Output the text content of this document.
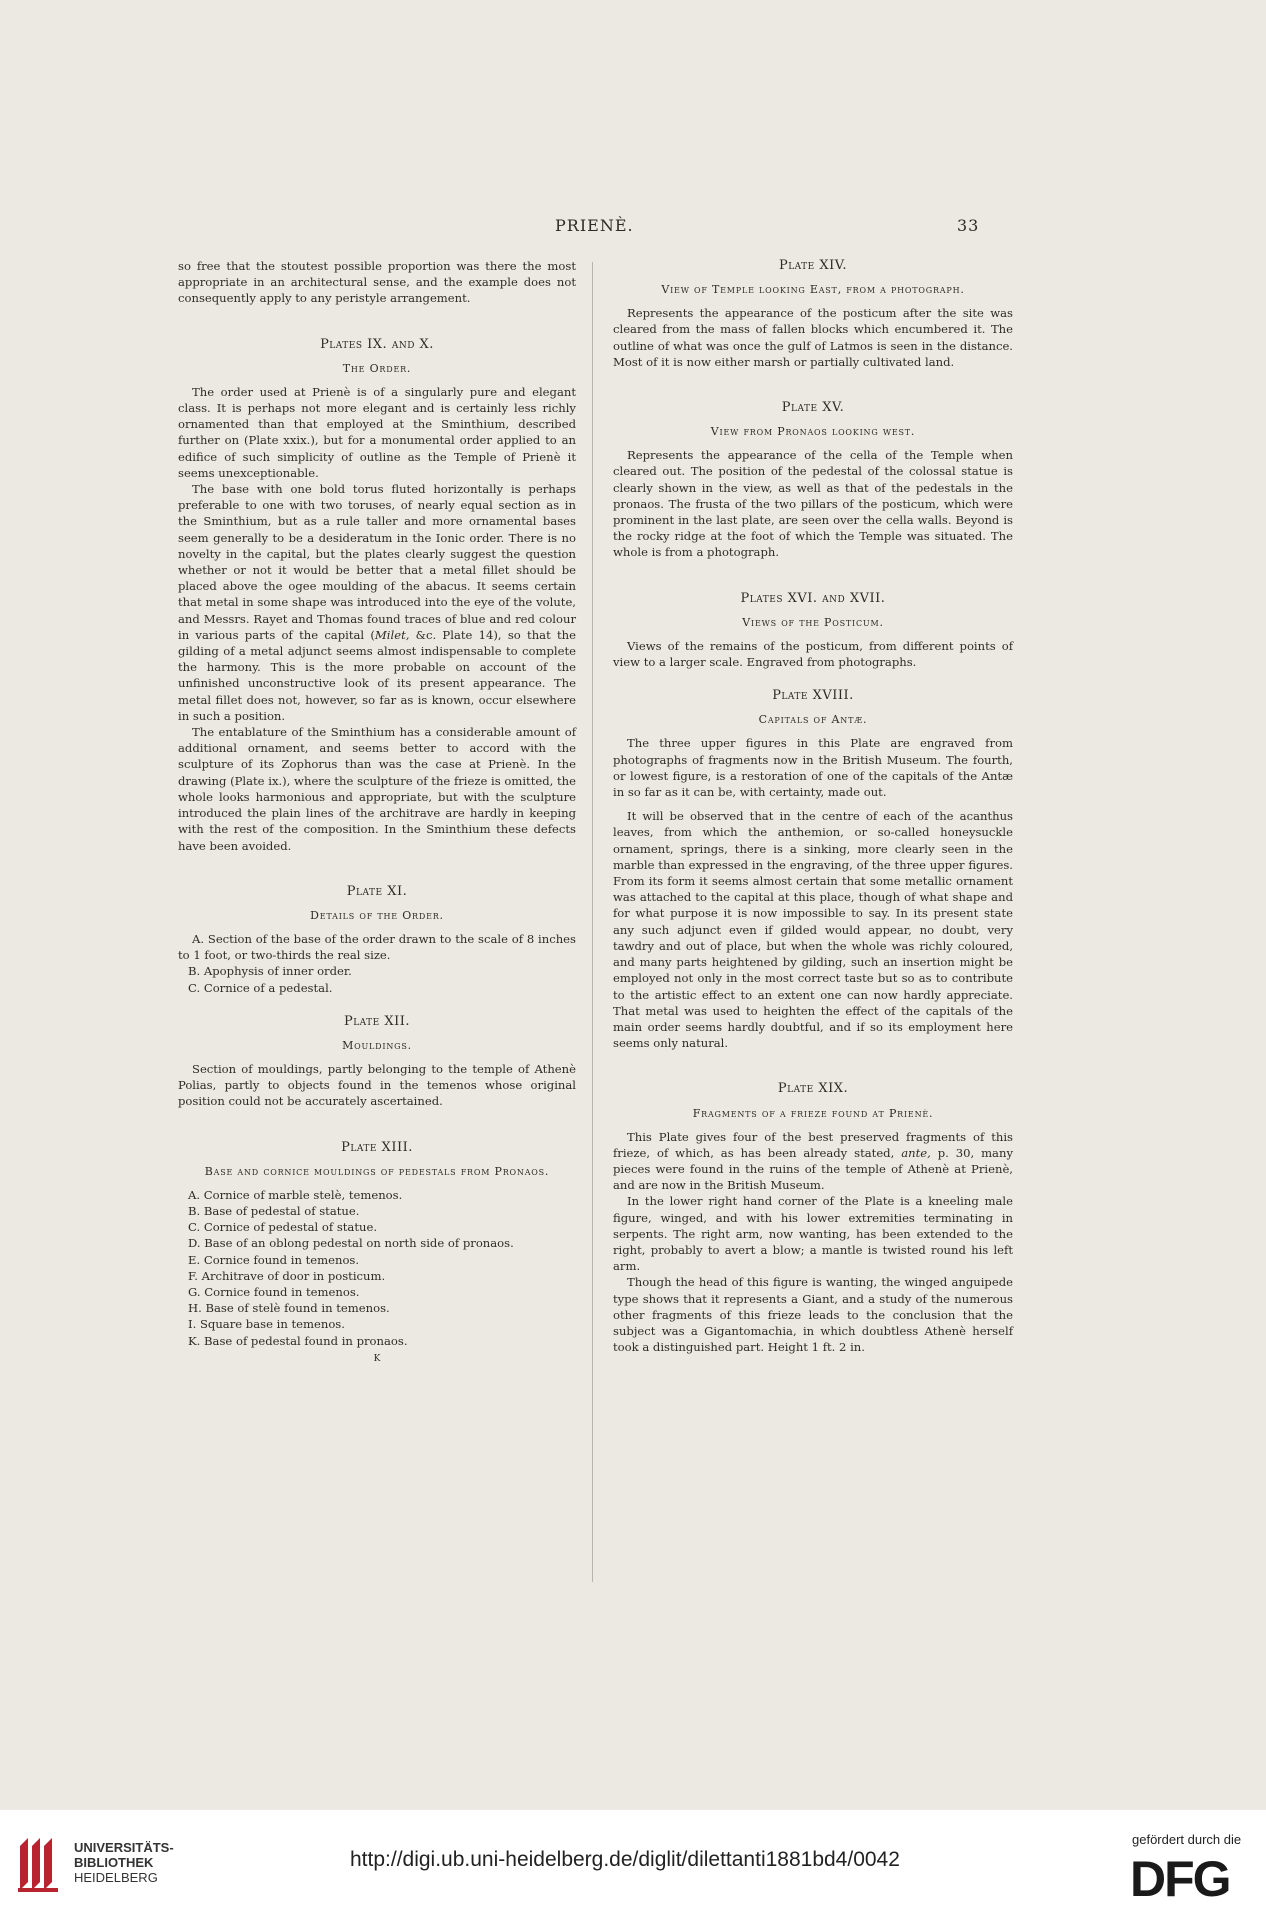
PRIENÈ.	33

so free that the stoutest possible proportion was there the most appropriate in an architectural sense, and the example does not consequently apply to any peristyle arrangement.

Plates IX. and X.
The Order.

The order used at Prienè is of a singularly pure and elegant class. It is perhaps not more elegant and is certainly less richly ornamented than that employed at the Sminthium, described further on (Plate xxix.), but for a monumental order applied to an edifice of such simplicity of outline as the Temple of Prienè it seems unexceptionable.

The base with one bold torus fluted horizontally is perhaps preferable to one with two toruses, of nearly equal section as in the Sminthium, but as a rule taller and more ornamental bases seem generally to be a desideratum in the Ionic order. There is no novelty in the capital, but the plates clearly suggest the question whether or not it would be better that a metal fillet should be placed above the ogee moulding of the abacus. It seems certain that metal in some shape was introduced into the eye of the volute, and Messrs. Rayet and Thomas found traces of blue and red colour in various parts of the capital (Milet, &c. Plate 14), so that the gilding of a metal adjunct seems almost indispensable to complete the harmony. This is the more probable on account of the unfinished unconstructive look of its present appearance. The metal fillet does not, however, so far as is known, occur elsewhere in such a position.

The entablature of the Sminthium has a considerable amount of additional ornament, and seems better to accord with the sculpture of its Zophorus than was the case at Prienè. In the drawing (Plate ix.), where the sculpture of the frieze is omitted, the whole looks harmonious and appropriate, but with the sculpture introduced the plain lines of the architrave are hardly in keeping with the rest of the composition. In the Sminthium these defects have been avoided.

Plate XI.
Details of the Order.

A. Section of the base of the order drawn to the scale of 8 inches to 1 foot, or two-thirds the real size.

B. Apophysis of inner order.

C. Cornice of a pedestal.

Plate XII.
Mouldings.

Section of mouldings, partly belonging to the temple of Athenè Polias, partly to objects found in the temenos whose original position could not be accurately ascertained.

Plate XIII.
Base and cornice mouldings of pedestals from Pronaos.

A. Cornice of marble stelè, temenos.

B. Base of pedestal of statue.

C. Cornice of pedestal of statue.

D. Base of an oblong pedestal on north side of pronaos.

E. Cornice found in temenos.

F. Architrave of door in posticum.

G. Cornice found in temenos.

H. Base of stelè found in temenos.

I. Square base in temenos.

K. Base of pedestal found in pronaos.

K
Plate XIV.
View of Temple looking East, from a photograph.

Represents the appearance of the posticum after the site was cleared from the mass of fallen blocks which encumbered it. The outline of what was once the gulf of Latmos is seen in the distance. Most of it is now either marsh or partially cultivated land.

Plate XV.
View from Pronaos looking west.

Represents the appearance of the cella of the Temple when cleared out. The position of the pedestal of the colossal statue is clearly shown in the view, as well as that of the pedestals in the pronaos. The frusta of the two pillars of the posticum, which were prominent in the last plate, are seen over the cella walls. Beyond is the rocky ridge at the foot of which the Temple was situated. The whole is from a photograph.

Plates XVI. and XVII.
Views of the Posticum.

Views of the remains of the posticum, from different points of view to a larger scale. Engraved from photographs.

Plate XVIII.
Capitals of Antæ.

The three upper figures in this Plate are engraved from photographs of fragments now in the British Museum. The fourth, or lowest figure, is a restoration of one of the capitals of the Antæ in so far as it can be, with certainty, made out.

It will be observed that in the centre of each of the acanthus leaves, from which the anthemion, or so-called honeysuckle ornament, springs, there is a sinking, more clearly seen in the marble than expressed in the engraving, of the three upper figures. From its form it seems almost certain that some metallic ornament was attached to the capital at this place, though of what shape and for what purpose it is now impossible to say. In its present state any such adjunct even if gilded would appear, no doubt, very tawdry and out of place, but when the whole was richly coloured, and many parts heightened by gilding, such an insertion might be employed not only in the most correct taste but so as to contribute to the artistic effect to an extent one can now hardly appreciate. That metal was used to heighten the effect of the capitals of the main order seems hardly doubtful, and if so its employment here seems only natural.

Plate XIX.
Fragments of a frieze found at Prienè.

This Plate gives four of the best preserved fragments of this frieze, of which, as has been already stated, ante, p. 30, many pieces were found in the ruins of the temple of Athenè at Prienè, and are now in the British Museum.

In the lower right hand corner of the Plate is a kneeling male figure, winged, and with his lower extremities terminating in serpents. The right arm, now wanting, has been extended to the right, probably to avert a blow; a mantle is twisted round his left arm.

Though the head of this figure is wanting, the winged anguipede type shows that it represents a Giant, and a study of the numerous other fragments of this frieze leads to the conclusion that the subject was a Gigantomachia, in which doubtless Athenè herself took a distinguished part. Height 1 ft. 2 in.

UNIVERSITÄTS-
BIBLIOTHEK
HEIDELBERG
http://digi.ub.uni-heidelberg.de/diglit/dilettanti1881bd4/0042
gefördert durch die
DFG
